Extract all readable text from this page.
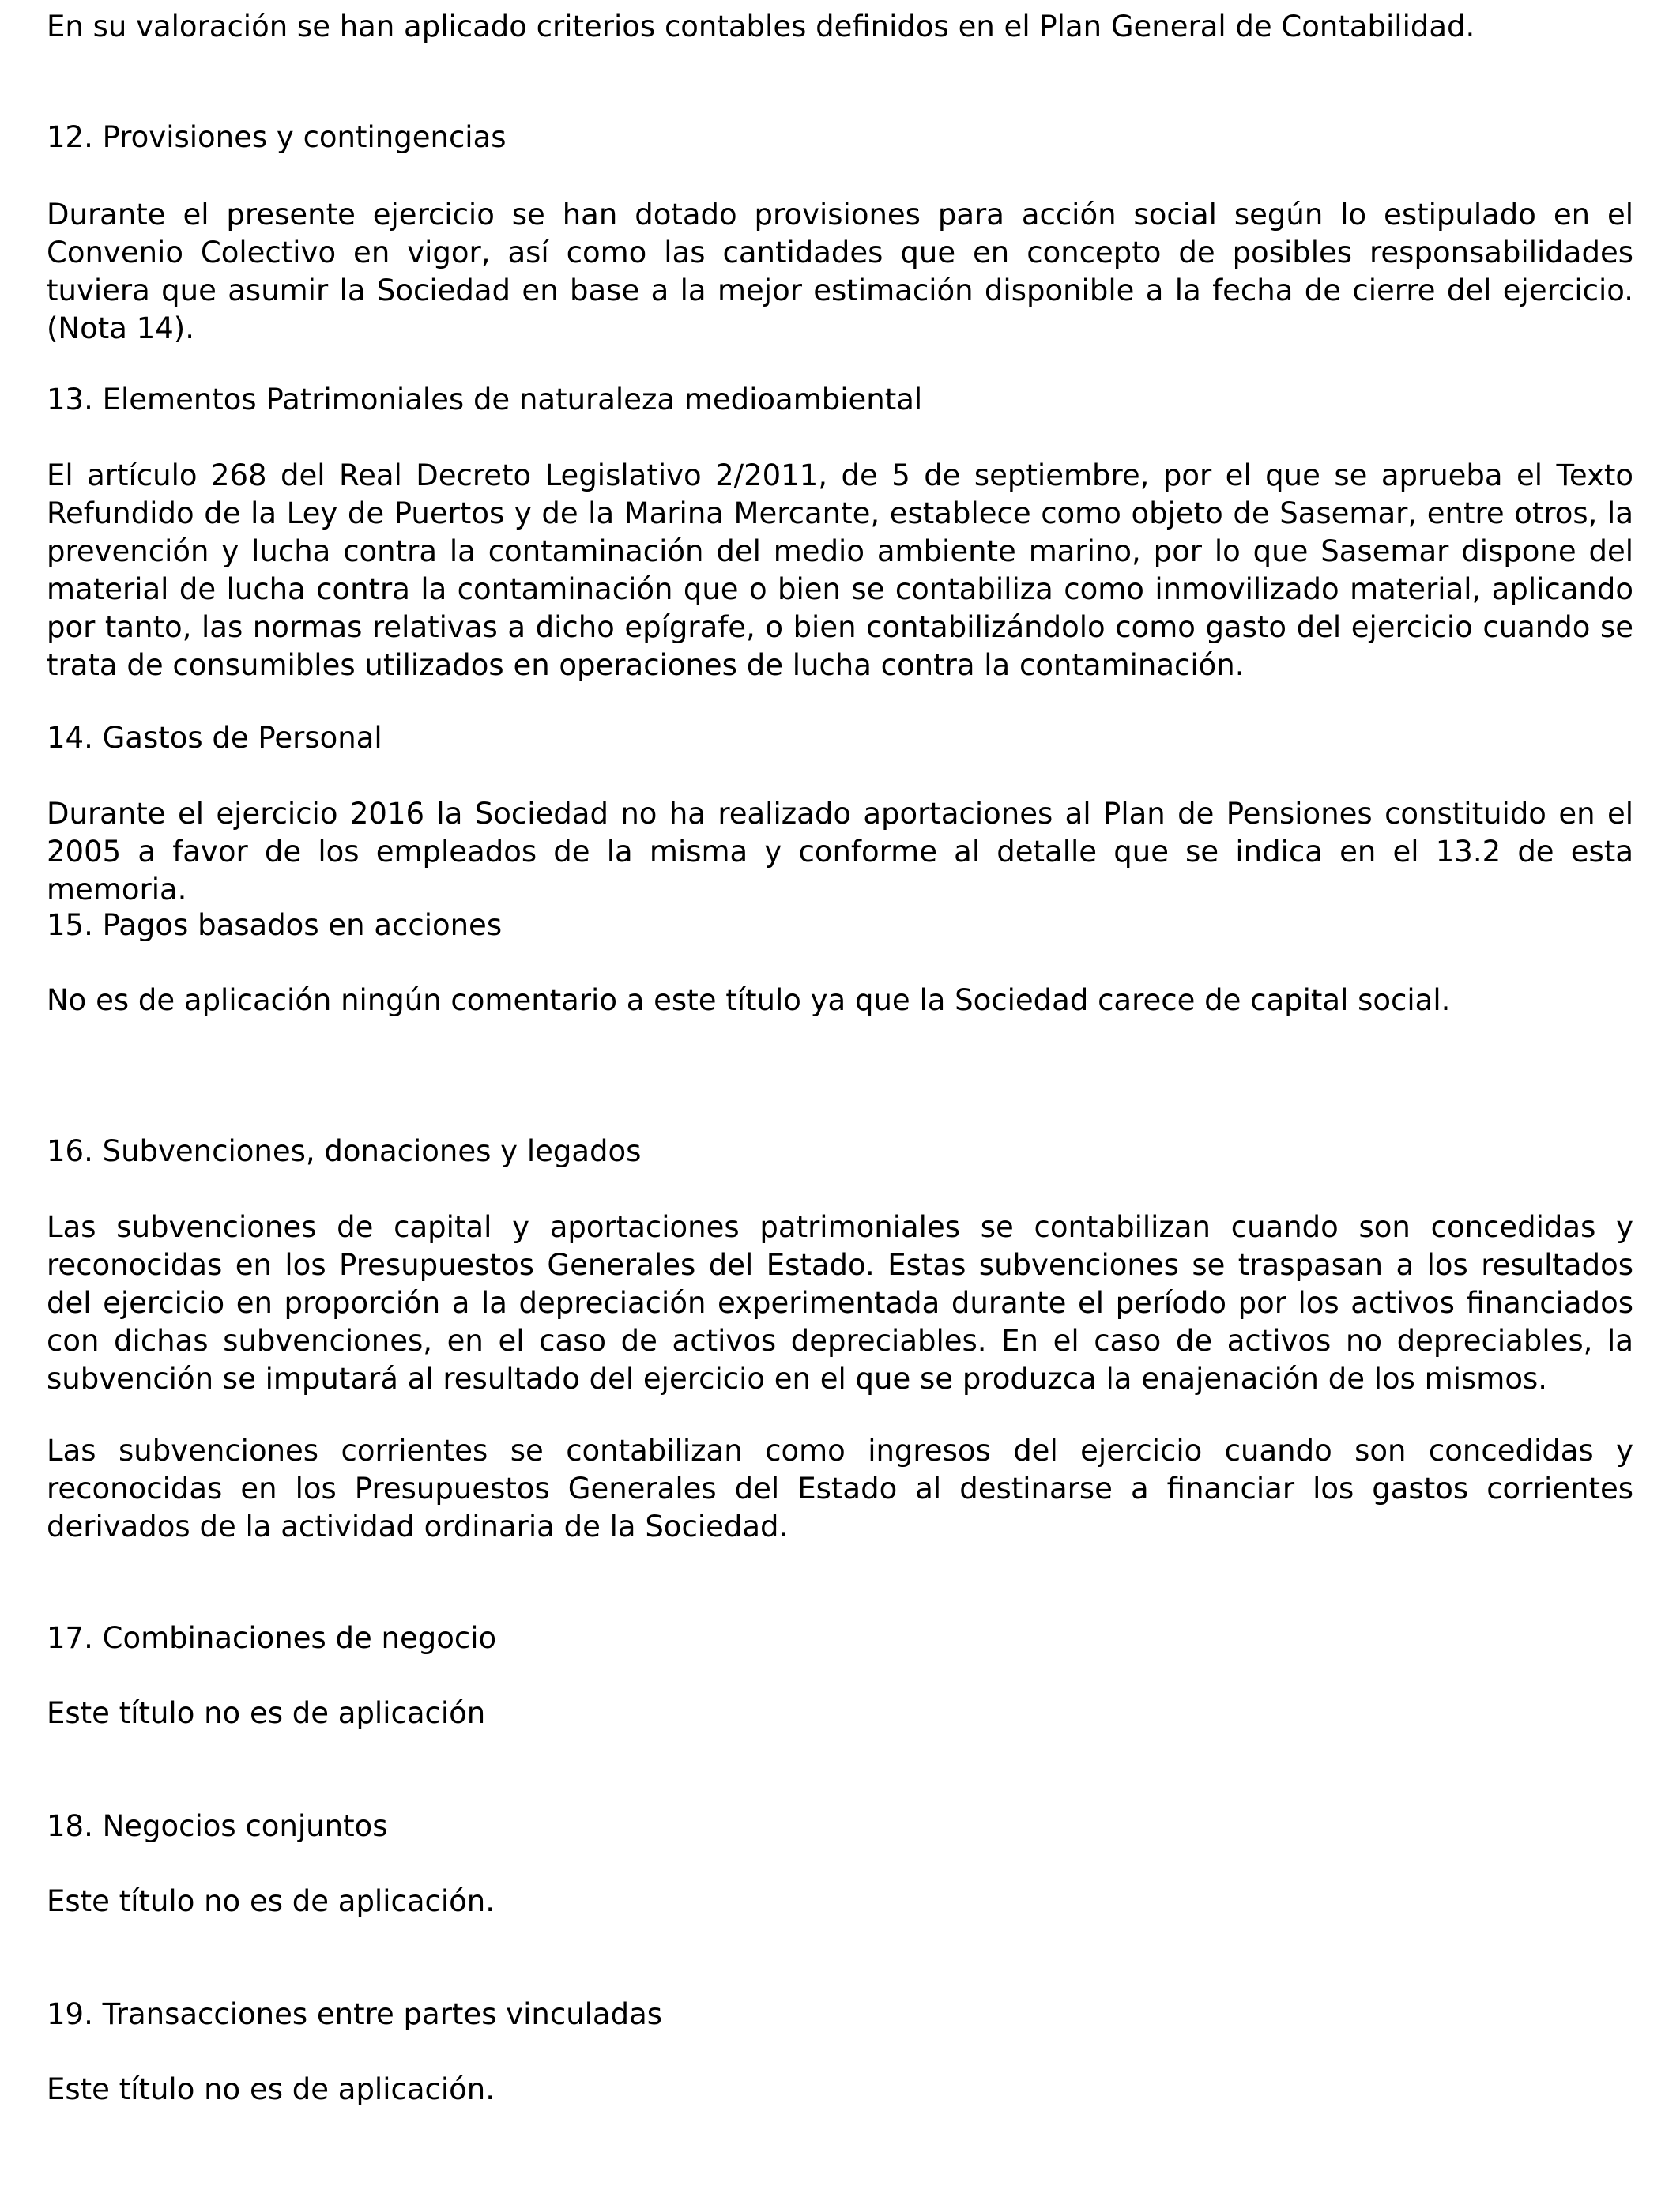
En su valoración se han aplicado criterios contables definidos en el Plan General de Contabilidad.

12. Provisiones y contingencias

Durante el presente ejercicio se han dotado provisiones para acción social según lo estipulado en el Convenio Colectivo en vigor, así como las cantidades que en concepto de posibles responsabilidades tuviera que asumir la Sociedad en base a la mejor estimación disponible a la fecha de cierre del ejercicio. (Nota 14).

13. Elementos Patrimoniales de naturaleza medioambiental

El artículo 268 del Real Decreto Legislativo 2/2011, de 5 de septiembre, por el que se aprueba el Texto Refundido de la Ley de Puertos y de la Marina Mercante, establece como objeto de Sasemar, entre otros, la prevención y lucha contra la contaminación del medio ambiente marino, por lo que Sasemar dispone del material de lucha contra la contaminación que o bien se contabiliza como inmovilizado material, aplicando por tanto, las normas relativas a dicho epígrafe, o bien contabilizándolo como gasto del ejercicio cuando se trata de consumibles utilizados en operaciones de lucha contra la contaminación.

14. Gastos de Personal

Durante el ejercicio 2016 la Sociedad no ha realizado aportaciones al Plan de Pensiones constituido en el 2005 a favor de los empleados de la misma y conforme al detalle que se indica en el 13.2 de esta memoria.

15. Pagos basados en acciones

No es de aplicación ningún comentario a este título ya que la Sociedad carece de capital social.

16. Subvenciones, donaciones y legados

Las subvenciones de capital y aportaciones patrimoniales se contabilizan cuando son concedidas y reconocidas en los Presupuestos Generales del Estado. Estas subvenciones se traspasan a los resultados del ejercicio en proporción a la depreciación experimentada durante el período por los activos financiados con dichas subvenciones, en el caso de activos depreciables. En el caso de activos no depreciables, la subvención se imputará al resultado del ejercicio en el que se produzca la enajenación de los mismos.

Las subvenciones corrientes se contabilizan como ingresos del ejercicio cuando son concedidas y reconocidas en los Presupuestos Generales del Estado al destinarse a financiar los gastos corrientes derivados de la actividad ordinaria de la Sociedad.

17. Combinaciones de negocio

Este título no es de aplicación

18. Negocios conjuntos

Este título no es de aplicación.

19. Transacciones entre partes vinculadas

Este título no es de aplicación.
